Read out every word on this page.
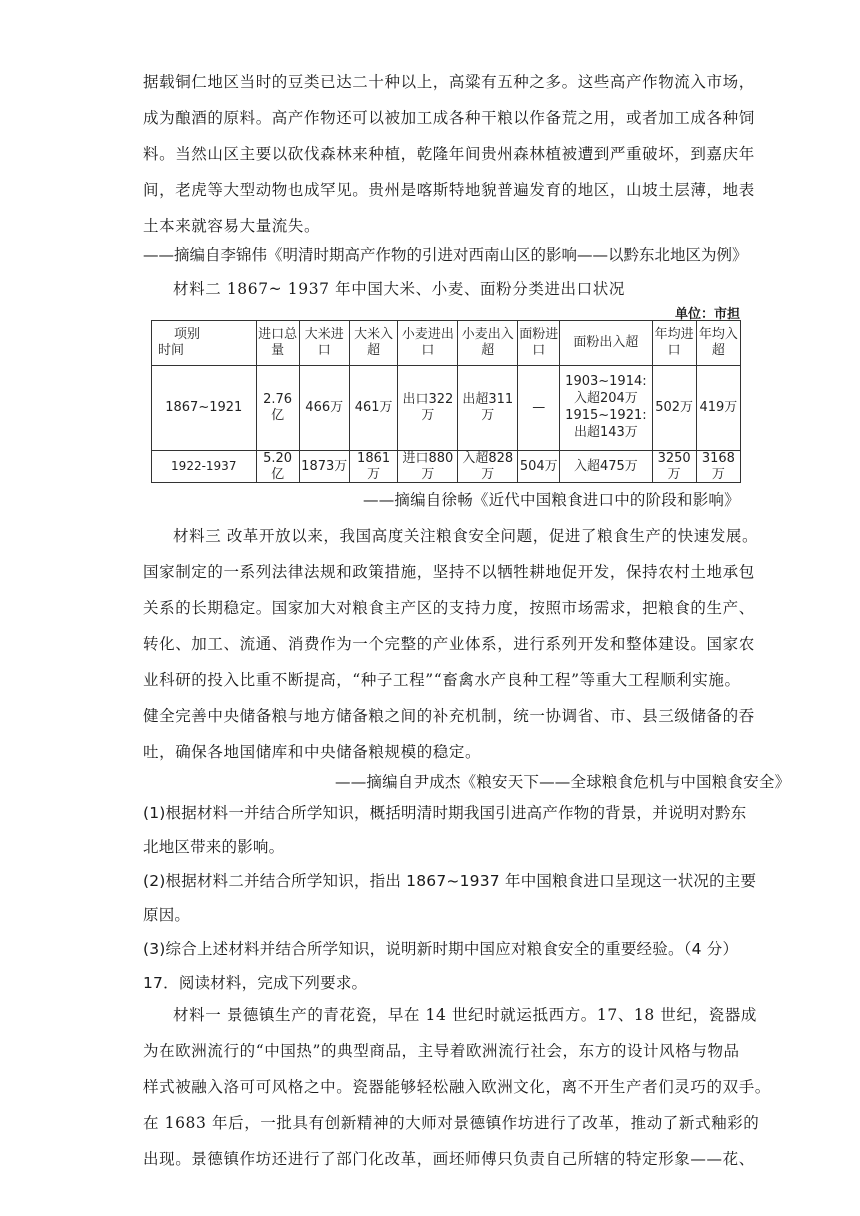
据载铜仁地区当时的豆类已达二十种以上，高粱有五种之多。这些高产作物流入市场，
成为酿酒的原料。高产作物还可以被加工成各种干粮以作备荒之用，或者加工成各种饲
料。当然山区主要以砍伐森林来种植，乾隆年间贵州森林植被遭到严重破坏，到嘉庆年
间，老虎等大型动物也成罕见。贵州是喀斯特地貌普遍发育的地区，山坡土层薄，地表
土本来就容易大量流失。
——摘编自李锦伟《明清时期高产作物的引进对西南山区的影响——以黔东北地区为例》
材料二 1867~ 1937 年中国大米、小麦、面粉分类进出口状况
单位：市担
项别
时间	进口总量	大米进口	大米入超	小麦进出口	小麦出入超	面粉进口	面粉出入超	年均进口	年均入超
1867~1921	2.76亿	466万	461万	出口322万	出超311万	—	1903~1914:
入超204万
1915~1921:
出超143万	502万	419万
1922-1937	5.20亿	1873万	1861万	进口880万	入超828万	504万	入超475万	3250万	3168万
——摘编自徐畅《近代中国粮食进口中的阶段和影响》
材料三 改革开放以来，我国高度关注粮食安全问题，促进了粮食生产的快速发展。
国家制定的一系列法律法规和政策措施，坚持不以牺牲耕地促开发，保持农村土地承包
关系的长期稳定。国家加大对粮食主产区的支持力度，按照市场需求，把粮食的生产、
转化、加工、流通、消费作为一个完整的产业体系，进行系列开发和整体建设。国家农
业科研的投入比重不断提高，“种子工程”“畜禽水产良种工程”等重大工程顺利实施。
健全完善中央储备粮与地方储备粮之间的补充机制，统一协调省、市、县三级储备的吞
吐，确保各地国储库和中央储备粮规模的稳定。
——摘编自尹成杰《粮安天下——全球粮食危机与中国粮食安全》
(1)根据材料一并结合所学知识，概括明清时期我国引进高产作物的背景，并说明对黔东
北地区带来的影响。
(2)根据材料二并结合所学知识，指出 1867~1937 年中国粮食进口呈现这一状况的主要
原因。
(3)综合上述材料并结合所学知识，说明新时期中国应对粮食安全的重要经验。（4 分）
17．阅读材料，完成下列要求。
材料一 景德镇生产的青花瓷，早在 14 世纪时就运抵西方。17、18 世纪，瓷器成
为在欧洲流行的“中国热”的典型商品，主导着欧洲流行社会，东方的设计风格与物品
样式被融入洛可可风格之中。瓷器能够轻松融入欧洲文化，离不开生产者们灵巧的双手。
在 1683 年后，一批具有创新精神的大师对景德镇作坊进行了改革，推动了新式釉彩的
出现。景德镇作坊还进行了部门化改革，画坯师傅只负责自己所辖的特定形象——花、
